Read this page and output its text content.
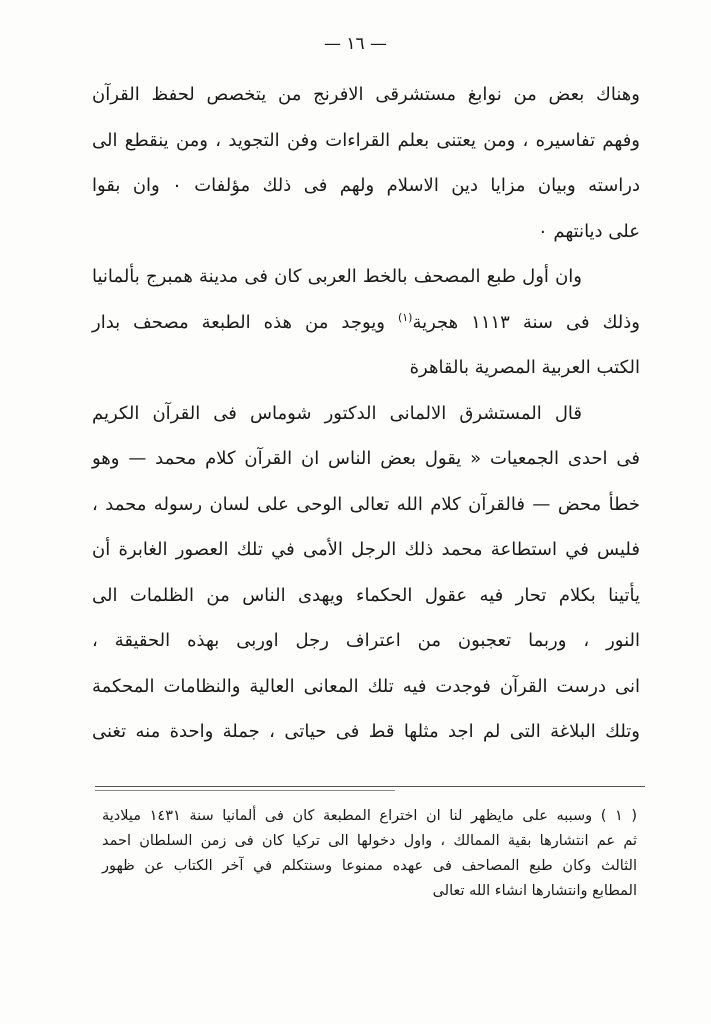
— ١٦ —
وهناك بعض من نوابغ مستشرقى الافرنج من يتخصص لحفظ القرآن
وفهم تفاسيره ، ومن يعتنى بعلم القراءات وفن التجويد ، ومن ينقطع الى
دراسته وبيان مزايا دين الاسلام ولهم فى ذلك مؤلفات ٠ وان بقوا
على ديانتهم ٠
وان أول طبع المصحف بالخط العربى كان فى مدينة همبرج بألمانيا
وذلك فى سنة ١١١٣ هجرية$^{(١)}$ ويوجد من هذه الطبعة مصحف بدار
الكتب العربية المصرية بالقاهرة
قال المستشرق الالمانى الدكتور شوماس فى القرآن الكريم
فى احدى الجمعيات « يقول بعض الناس ان القرآن كلام محمد — وهو
خطأ محض — فالقرآن كلام الله تعالى الوحى على لسان رسوله محمد ،
فليس في استطاعة محمد ذلك الرجل الأمى في تلك العصور الغابرة أن
يأتينا بكلام تحار فيه عقول الحكماء ويهدى الناس من الظلمات الى
النور ، وربما تعجبون من اعتراف رجل اوربى بهذه الحقيقة ،
انى درست القرآن فوجدت فيه تلك المعانى العالية والنظامات المحكمة
وتلك البلاغة التى لم اجد مثلها قط فى حياتى ، جملة واحدة منه تغنى
( ١ ) وسببه على مايظهر لنا ان اختراع المطبعة كان فى ألمانيا سنة ١٤٣١ ميلادية
ثم عم انتشارها بقية الممالك ، واول دخولها الى تركيا كان فى زمن السلطان احمد
الثالث وكان طبع المصاحف فى عهده ممنوعا وسنتكلم في آخر الكتاب عن ظهور
المطابع وانتشارها انشاء الله تعالى
